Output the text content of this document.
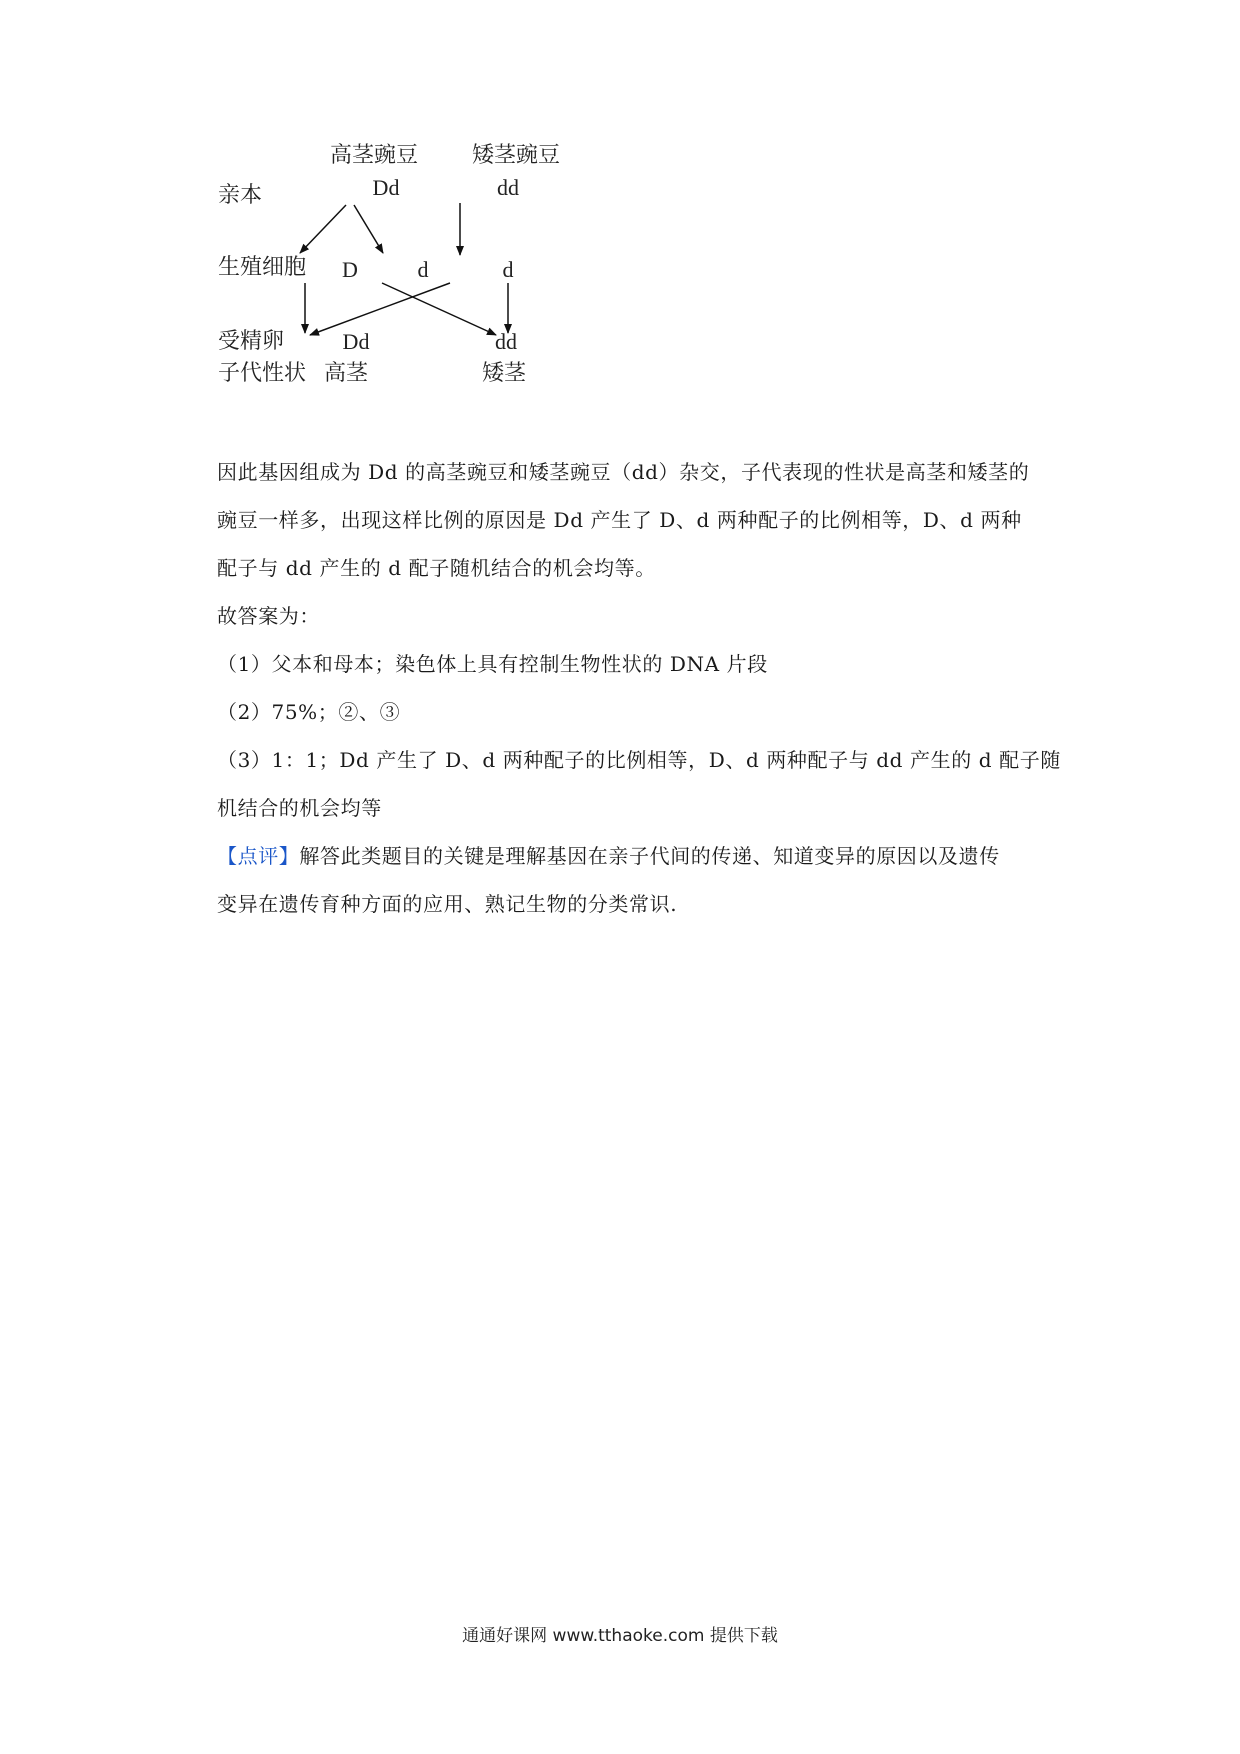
高茎豌豆 矮茎豌豆
亲本	Dd	dd
生殖细胞 D	d	d
受精卵	Dd	dd
子代性状 高茎	矮茎
因此基因组成为 Dd 的高茎豌豆和矮茎豌豆（dd）杂交，子代表现的性状是高茎和矮茎的
豌豆一样多，出现这样比例的原因是 Dd 产生了 D、d 两种配子的比例相等，D、d 两种
配子与 dd 产生的 d 配子随机结合的机会均等。
故答案为：
（1）父本和母本；染色体上具有控制生物性状的 DNA 片段
（2）75%；②、③
（3）1：1；Dd 产生了 D、d 两种配子的比例相等，D、d 两种配子与 dd 产生的 d 配子随
机结合的机会均等
【点评】解答此类题目的关键是理解基因在亲子代间的传递、知道变异的原因以及遗传
变异在遗传育种方面的应用、熟记生物的分类常识.
通通好课网 www.tthaoke.com 提供下载
